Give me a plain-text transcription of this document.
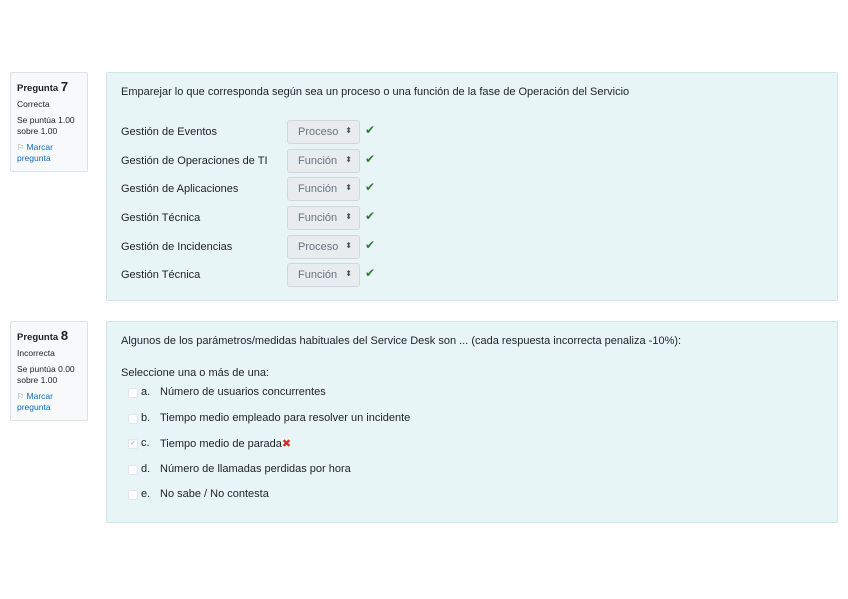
Pregunta 7
Correcta
Se puntúa 1.00 sobre 1.00
⚐ Marcar pregunta
Emparejar lo que corresponda según sea un proceso o una función de la fase de Operación del Servicio
Gestión de Eventos	Proceso ⬍ ✔
Gestión de Operaciones de TI	Función ⬍ ✔
Gestión de Aplicaciones	Función ⬍ ✔
Gestión Técnica	Función ⬍ ✔
Gestión de Incidencias	Proceso ⬍ ✔
Gestión Técnica	Función ⬍ ✔
Pregunta 8
Incorrecta
Se puntúa 0.00 sobre 1.00
⚐ Marcar pregunta
Algunos de los parámetros/medidas habituales del Service Desk son ... (cada respuesta incorrecta penaliza -10%):
Seleccione una o más de una:
a. Número de usuarios concurrentes
b. Tiempo medio empleado para resolver un incidente
✓ c. Tiempo medio de parada✖
d. Número de llamadas perdidas por hora
e. No sabe / No contesta
